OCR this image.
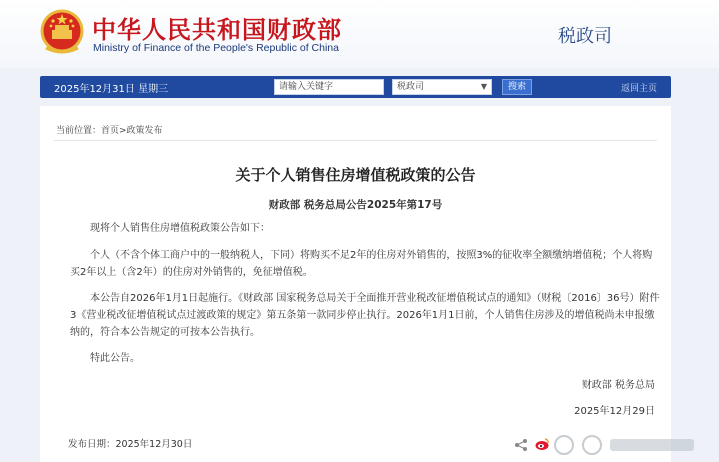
中华人民共和国财政部
Ministry of Finance of the People's Republic of China
税政司
2025年12月31日 星期三	请输入关键字	税政司	▼	搜索	返回主页
当前位置：首页>政策发布
关于个人销售住房增值税政策的公告
财政部 税务总局公告2025年第17号

现将个人销售住房增值税政策公告如下：

个人（不含个体工商户中的一般纳税人，下同）将购买不足2年的住房对外销售的，按照3%的征收率全额缴纳增值税；个人将购买2年以上（含2年）的住房对外销售的，免征增值税。

本公告自2026年1月1日起施行。《财政部 国家税务总局关于全面推开营业税改征增值税试点的通知》（财税〔2016〕36号）附件3《营业税改征增值税试点过渡政策的规定》第五条第一款同步停止执行。2026年1月1日前，个人销售住房涉及的增值税尚未申报缴纳的，符合本公告规定的可按本公告执行。

特此公告。

财政部 税务总局
2025年12月29日
发布日期：2025年12月30日
